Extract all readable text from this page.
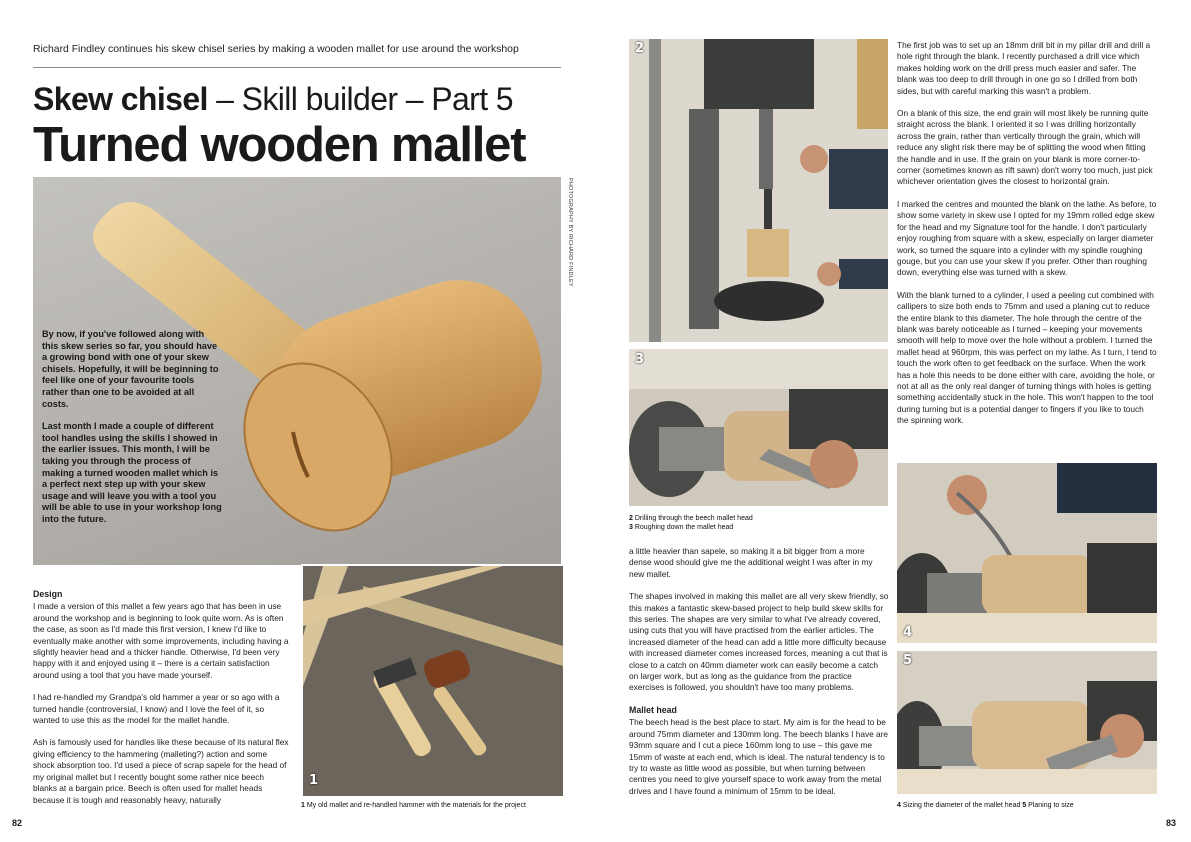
Richard Findley continues his skew chisel series by making a wooden mallet for use around the workshop
Skew chisel – Skill builder – Part 5
Turned wooden mallet

By now, if you've followed along with this skew series so far, you should have a growing bond with one of your skew chisels. Hopefully, it will be beginning to feel like one of your favourite tools rather than one to be avoided at all costs.

Last month I made a couple of different tool handles using the skills I showed in the earlier issues. This month, I will be taking you through the process of making a turned wooden mallet which is a perfect next step up with your skew usage and will leave you with a tool you will be able to use in your workshop long into the future.

PHOTOGRAPHY BY RICHARD FINDLEY
Design

I made a version of this mallet a few years ago that has been in use around the workshop and is beginning to look quite worn. As is often the case, as soon as I'd made this first version, I knew I'd like to eventually make another with some improvements, including having a slightly heavier head and a thicker handle. Otherwise, I'd been very happy with it and enjoyed using it – there is a certain satisfaction around using a tool that you have made yourself.

I had re-handled my Grandpa's old hammer a year or so ago with a turned handle (controversial, I know) and I love the feel of it, so wanted to use this as the model for the mallet handle.

Ash is famously used for handles like these because of its natural flex giving efficiency to the hammering (malleting?) action and some shock absorption too. I'd used a piece of scrap sapele for the head of my original mallet but I recently bought some rather nice beech blanks at a bargain price. Beech is often used for mallet heads because it is tough and reasonably heavy, naturally

1
1 My old mallet and re-handled hammer with the materials for the project
82
2
3
2 Drilling through the beech mallet head
3 Roughing down the mallet head

a little heavier than sapele, so making it a bit bigger from a more dense wood should give me the additional weight I was after in my new mallet.

The shapes involved in making this mallet are all very skew friendly, so this makes a fantastic skew-based project to help build skew skills for this series. The shapes are very similar to what I've already covered, using cuts that you will have practised from the earlier articles. The increased diameter of the head can add a little more difficulty because with increased diameter comes increased forces, meaning a cut that is close to a catch on 40mm diameter work can easily become a catch on larger work, but as long as the guidance from the practice exercises is followed, you shouldn't have too many problems.

Mallet head

The beech head is the best place to start. My aim is for the head to be around 75mm diameter and 130mm long. The beech blanks I have are 93mm square and I cut a piece 160mm long to use – this gave me 15mm of waste at each end, which is ideal. The natural tendency is to try to waste as little wood as possible, but when turning between centres you need to give yourself space to work away from the metal drives and I have found a minimum of 15mm to be ideal.

The first job was to set up an 18mm drill bit in my pillar drill and drill a hole right through the blank. I recently purchased a drill vice which makes holding work on the drill press much easier and safer. The blank was too deep to drill through in one go so I drilled from both sides, but with careful marking this wasn't a problem.

On a blank of this size, the end grain will most likely be running quite straight across the blank. I oriented it so I was drilling horizontally across the grain, rather than vertically through the grain, which will reduce any slight risk there may be of splitting the wood when fitting the handle and in use. If the grain on your blank is more corner-to-corner (sometimes known as rift sawn) don't worry too much, just pick whichever orientation gives the closest to horizontal grain.

I marked the centres and mounted the blank on the lathe. As before, to show some variety in skew use I opted for my 19mm rolled edge skew for the head and my Signature tool for the handle. I don't particularly enjoy roughing from square with a skew, especially on larger diameter work, so turned the square into a cylinder with my spindle roughing gouge, but you can use your skew if you prefer. Other than roughing down, everything else was turned with a skew.

With the blank turned to a cylinder, I used a peeling cut combined with callipers to size both ends to 75mm and used a planing cut to reduce the entire blank to this diameter. The hole through the centre of the blank was barely noticeable as I turned – keeping your movements smooth will help to move over the hole without a problem. I turned the mallet head at 960rpm, this was perfect on my lathe. As I turn, I tend to touch the work often to get feedback on the surface. When the work has a hole this needs to be done either with care, avoiding the hole, or not at all as the only real danger of turning things with holes is getting something accidentally stuck in the hole. This won't happen to the tool during turning but is a potential danger to fingers if you like to touch the spinning work.

4
5
4 Sizing the diameter of the mallet head 5 Planing to size
83
